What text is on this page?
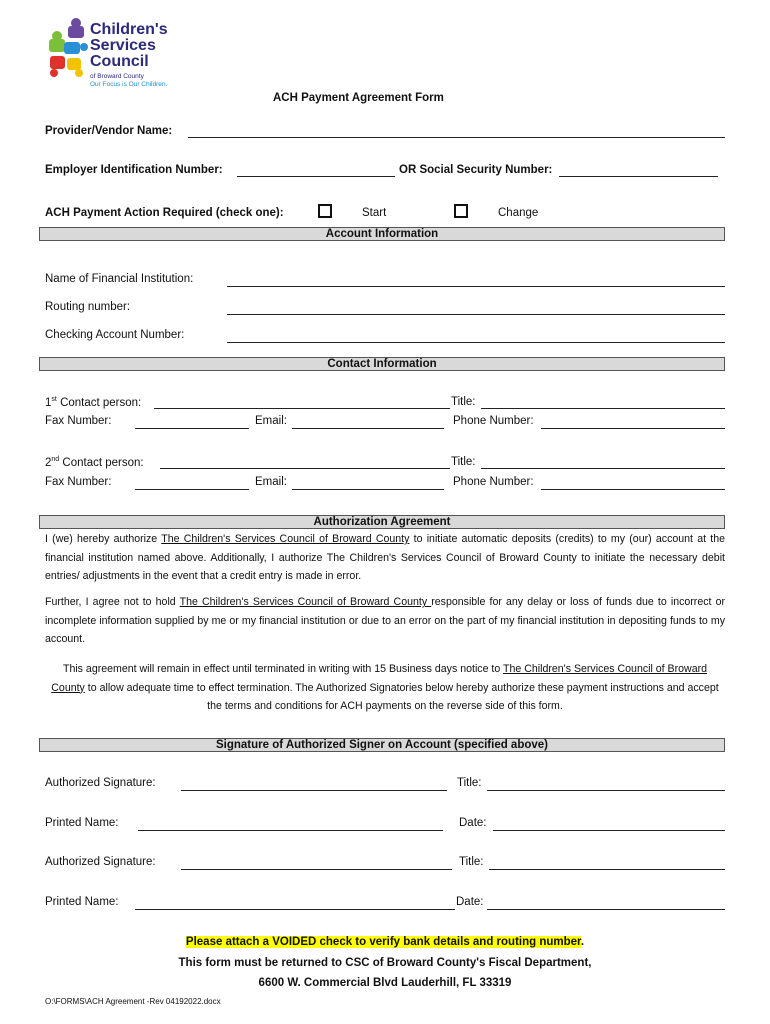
Children's
Services
Council
of Broward County
Our Focus is Our Children.
ACH Payment Agreement Form
Provider/Vendor Name:
Employer Identification Number:	OR Social Security Number:
ACH Payment Action Required (check one):	Start	Change
Account Information
Name of Financial Institution:
Routing number:
Checking Account Number:
Contact Information
1st Contact person:	Title:
Fax Number:	Email:	Phone Number:
2nd Contact person:	Title:
Fax Number:	Email:	Phone Number:
Authorization Agreement
I (we) hereby authorize The Children's Services Council of Broward County to initiate automatic deposits (credits) to my (our) account at the financial institution named above. Additionally, I authorize The Children's Services Council of Broward County to initiate the necessary debit entries/ adjustments in the event that a credit entry is made in error.
Further, I agree not to hold The Children's Services Council of Broward County responsible for any delay or loss of funds due to incorrect or incomplete information supplied by me or my financial institution or due to an error on the part of my financial institution in depositing funds to my account.
This agreement will remain in effect until terminated in writing with 15 Business days notice to The Children's Services Council of Broward County to allow adequate time to effect termination. The Authorized Signatories below hereby authorize these payment instructions and accept the terms and conditions for ACH payments on the reverse side of this form.
Signature of Authorized Signer on Account (specified above)
Authorized Signature:	Title:
Printed Name:	Date:
Authorized Signature:	Title:
Printed Name:	Date:
Please attach a VOIDED check to verify bank details and routing number.
This form must be returned to CSC of Broward County's Fiscal Department,
6600 W. Commercial Blvd Lauderhill, FL 33319
O:\FORMS\ACH Agreement -Rev 04192022.docx
